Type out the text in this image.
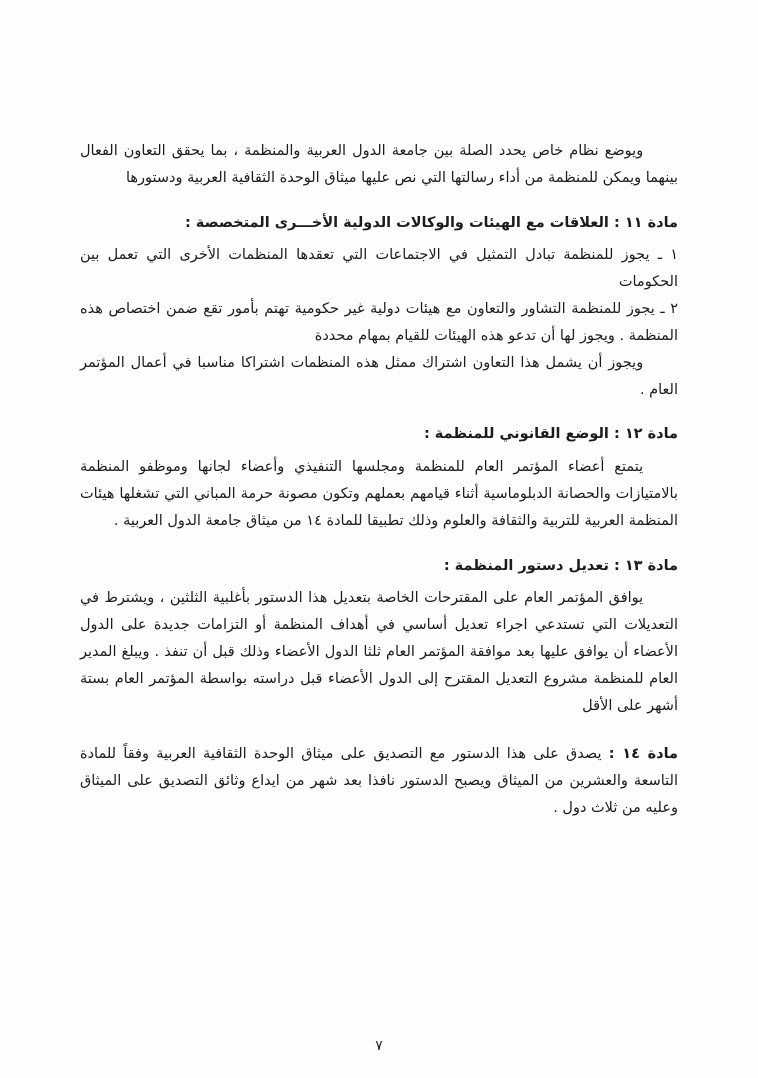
ويوضع نظام خاص يحدد الصلة بين جامعة الدول العربية والمنظمة ، بما يحقق التعاون الفعال بينهما ويمكن للمنظمة من أداء رسالتها التي نص عليها ميثاق الوحدة الثقافية العربية ودستورها

مادة ١١ : العلاقات مع الهيئات والوكالات الدولية الأخـــرى المتخصصة :

١ ـ يجوز للمنظمة تبادل التمثيل في الاجتماعات التي تعقدها المنظمات الأخرى التي تعمل بين الحكومات

٢ ـ يجوز للمنظمة التشاور والتعاون مع هيئات دولية غير حكومية تهتم بأمور تقع ضمن اختصاص هذه المنظمة . ويجوز لها أن تدعو هذه الهيئات للقيام بمهام محددة

ويجوز أن يشمل هذا التعاون اشتراك ممثل هذه المنظمات اشتراكا مناسبا في أعمال المؤتمر العام .

مادة ١٢ : الوضع القانوني للمنظمة :

يتمتع أعضاء المؤتمر العام للمنظمة ومجلسها التنفيذي وأعضاء لجانها وموظفو المنظمة بالامتيازات والحصانة الدبلوماسية أثناء قيامهم بعملهم وتكون مصونة حرمة المباني التي تشغلها هيئات المنظمة العربية للتربية والثقافة والعلوم وذلك تطبيقا للمادة ١٤ من ميثاق جامعة الدول العربية .

مادة ١٣ : تعديل دستور المنظمة :

يوافق المؤتمر العام على المقترحات الخاصة بتعديل هذا الدستور بأغلبية الثلثين ، ويشترط في التعديلات التي تستدعي اجراء تعديل أساسي في أهداف المنظمة أو التزامات جديدة على الدول الأعضاء أن يوافق عليها بعد موافقة المؤتمر العام ثلثا الدول الأعضاء وذلك قبل أن تنفذ . ويبلغ المدير العام للمنظمة مشروع التعديل المقترح إلى الدول الأعضاء قبل دراسته بواسطة المؤتمر العام بستة أشهر على الأقل

مادة ١٤ : يصدق على هذا الدستور مع التصديق على ميثاق الوحدة الثقافية العربية وفقاً للمادة التاسعة والعشرين من الميثاق ويصبح الدستور نافذا بعد شهر من ايداع وثائق التصديق على الميثاق وعليه من ثلاث دول .

٧
